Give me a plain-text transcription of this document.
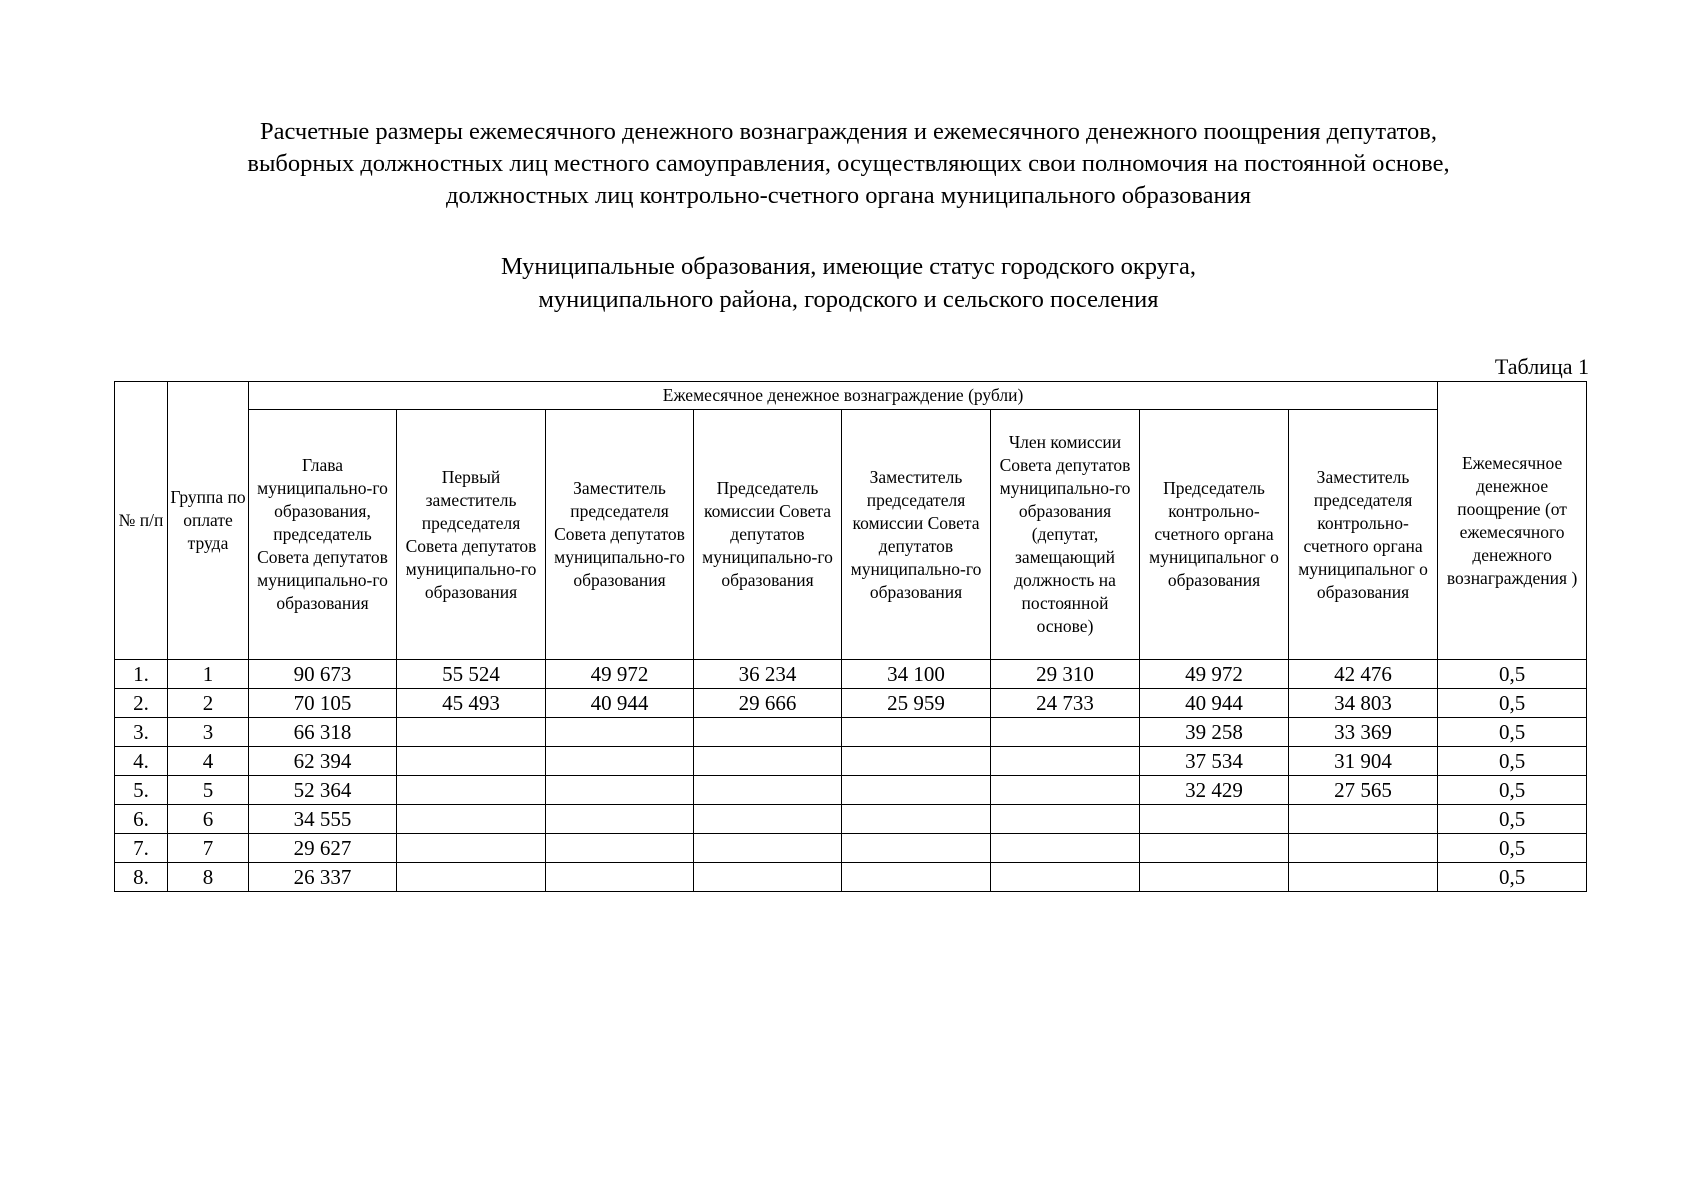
Расчетные размеры ежемесячного денежного вознаграждения и ежемесячного денежного поощрения депутатов,
выборных должностных лиц местного самоуправления, осуществляющих свои полномочия на постоянной основе,
должностных лиц контрольно-счетного органа муниципального образования
Муниципальные образования, имеющие статус городского округа,
муниципального района, городского и сельского поселения
Таблица 1
№ п/п	Группа по оплате труда	Ежемесячное денежное вознаграждение (рубли)								Ежемесячное денежное поощрение (от ежемесячного денежного вознаграждения )
		Глава муниципально-го образования, председатель Совета депутатов муниципально-го образования	Первый заместитель председателя Совета депутатов муниципально-го образования	Заместитель председателя Совета депутатов муниципально-го образования	Председатель комиссии Совета депутатов муниципально-го образования	Заместитель председателя комиссии Совета депутатов муниципально-го образования	Член комиссии Совета депутатов муниципально-го образования (депутат, замещающий должность на постоянной основе)	Председатель контрольно-счетного органа муниципальног о образования	Заместитель председателя контрольно-счетного органа муниципальног о образования	
1.	1	90 673	55 524	49 972	36 234	34 100	29 310	49 972	42 476	0,5
2.	2	70 105	45 493	40 944	29 666	25 959	24 733	40 944	34 803	0,5
3.	3	66 318						39 258	33 369	0,5
4.	4	62 394						37 534	31 904	0,5
5.	5	52 364						32 429	27 565	0,5
6.	6	34 555								0,5
7.	7	29 627								0,5
8.	8	26 337								0,5
